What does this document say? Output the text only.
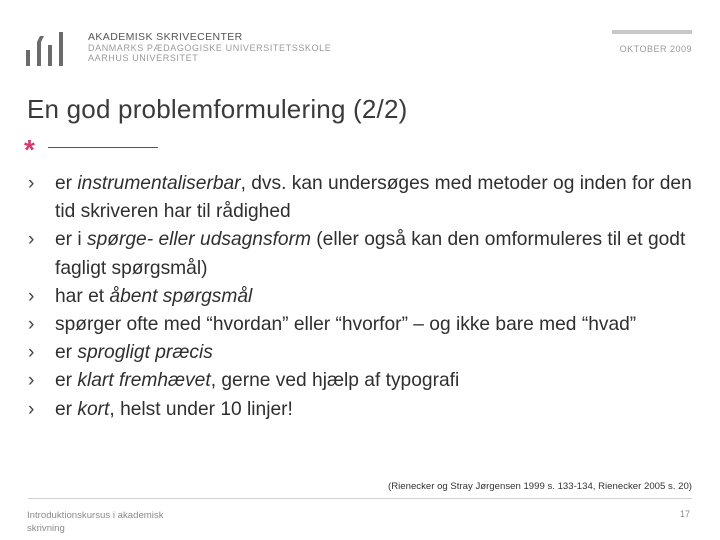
AKADEMISK SKRIVECENTER
DANMARKS PÆDAGOGISKE UNIVERSITETSSKOLE
AARHUS UNIVERSITET
OKTOBER 2009
En god problemformulering (2/2)
*
› er instrumentaliserbar, dvs. kan undersøges med metoder og inden for den tid skriveren har til rådighed
› er i spørge- eller udsagnsform (eller også kan den omformuleres til et godt fagligt spørgsmål)
› har et åbent spørgsmål
› spørger ofte med “hvordan” eller “hvorfor” – og ikke bare med “hvad”
› er sprogligt præcis
› er klart fremhævet, gerne ved hjælp af typografi
› er kort, helst under 10 linjer!
(Rienecker og Stray Jørgensen 1999 s. 133-134, Rienecker 2005 s. 20)
Introduktionskursus i akademisk skrivning
17
